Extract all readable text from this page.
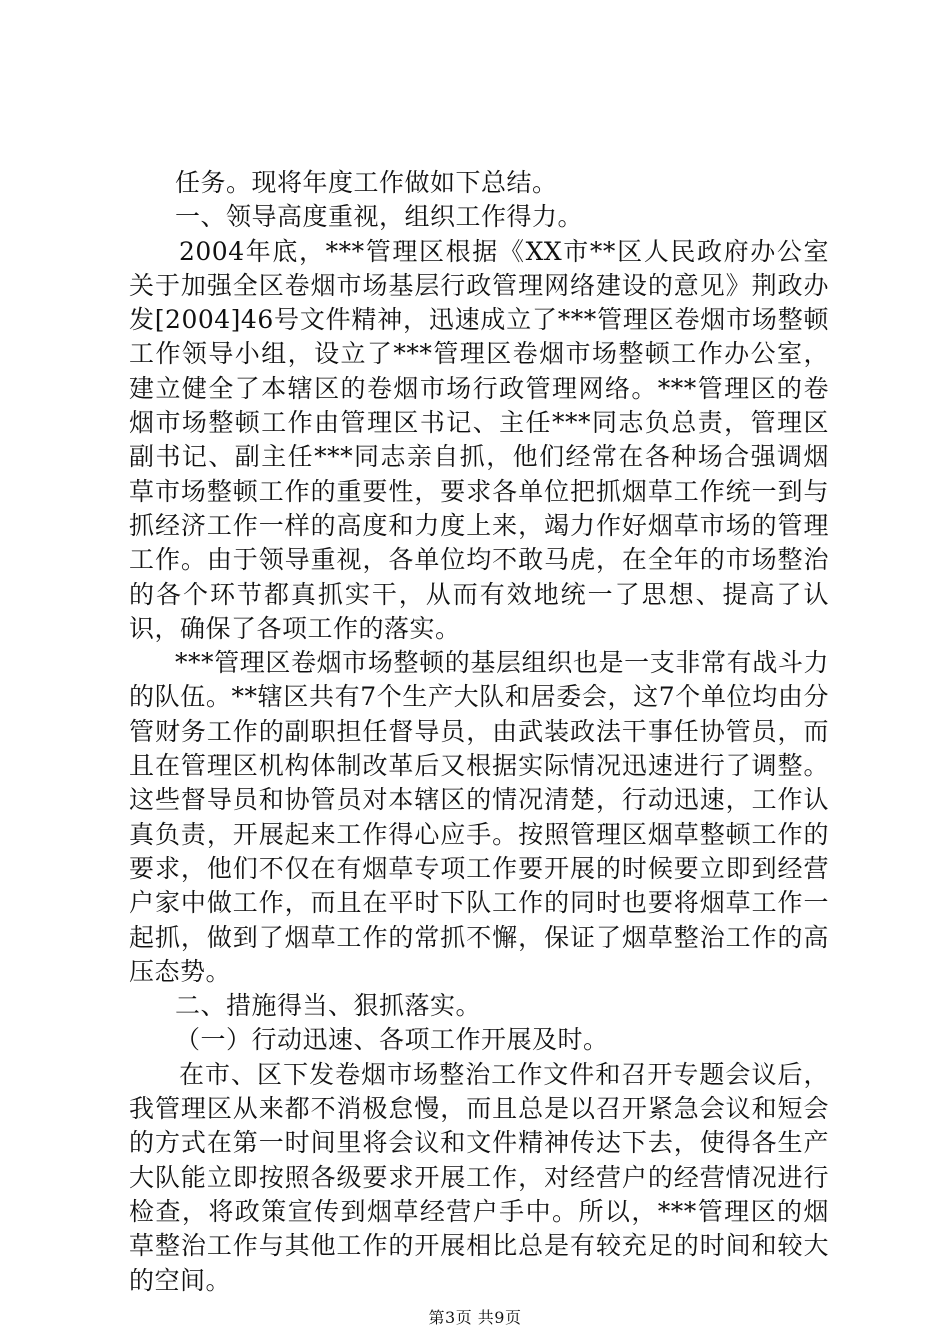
任务。现将年度工作做如下总结。

一、领导高度重视，组织工作得力。

2004年底，***管理区根据《XX市**区人民政府办公室关于加强全区卷烟市场基层行政管理网络建设的意见》荆政办发[2004]46号文件精神，迅速成立了***管理区卷烟市场整顿工作领导小组，设立了***管理区卷烟市场整顿工作办公室，建立健全了本辖区的卷烟市场行政管理网络。***管理区的卷烟市场整顿工作由管理区书记、主任***同志负总责，管理区副书记、副主任***同志亲自抓，他们经常在各种场合强调烟草市场整顿工作的重要性，要求各单位把抓烟草工作统一到与抓经济工作一样的高度和力度上来，竭力作好烟草市场的管理工作。由于领导重视，各单位均不敢马虎，在全年的市场整治的各个环节都真抓实干，从而有效地统一了思想、提高了认识，确保了各项工作的落实。

***管理区卷烟市场整顿的基层组织也是一支非常有战斗力的队伍。**辖区共有7个生产大队和居委会，这7个单位均由分管财务工作的副职担任督导员，由武装政法干事任协管员，而且在管理区机构体制改革后又根据实际情况迅速进行了调整。这些督导员和协管员对本辖区的情况清楚，行动迅速，工作认真负责，开展起来工作得心应手。按照管理区烟草整顿工作的要求，他们不仅在有烟草专项工作要开展的时候要立即到经营户家中做工作，而且在平时下队工作的同时也要将烟草工作一起抓，做到了烟草工作的常抓不懈，保证了烟草整治工作的高压态势。

二、措施得当、狠抓落实。

（一）行动迅速、各项工作开展及时。

在市、区下发卷烟市场整治工作文件和召开专题会议后，我管理区从来都不消极怠慢，而且总是以召开紧急会议和短会的方式在第一时间里将会议和文件精神传达下去，使得各生产大队能立即按照各级要求开展工作，对经营户的经营情况进行检查，将政策宣传到烟草经营户手中。所以，***管理区的烟草整治工作与其他工作的开展相比总是有较充足的时间和较大的空间。

第3页 共9页
